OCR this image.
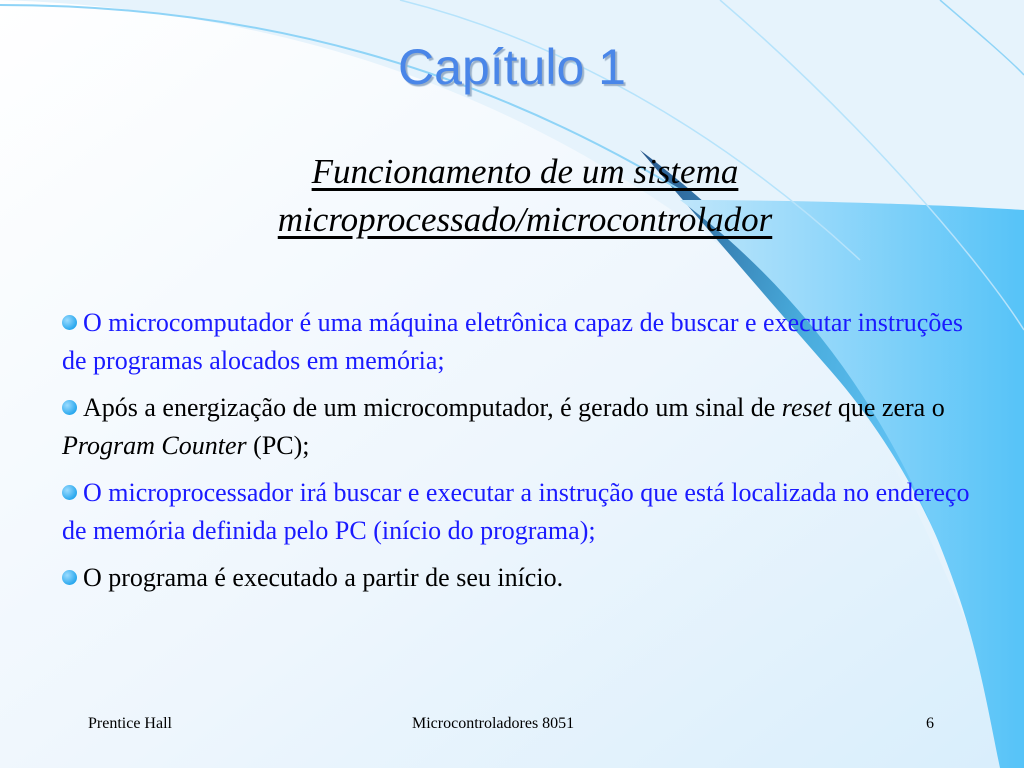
Capítulo 1
Funcionamento de um sistema
microprocessado/microcontrolador
O microcomputador é uma máquina eletrônica capaz de buscar e executar instruções de programas alocados em memória;
Após a energização de um microcomputador, é gerado um sinal de reset que zera o Program Counter (PC);
O microprocessador irá buscar e executar a instrução que está localizada no endereço de memória definida pelo PC (início do programa);
O programa é executado a partir de seu início.
Prentice Hall	Microcontroladores 8051	6
